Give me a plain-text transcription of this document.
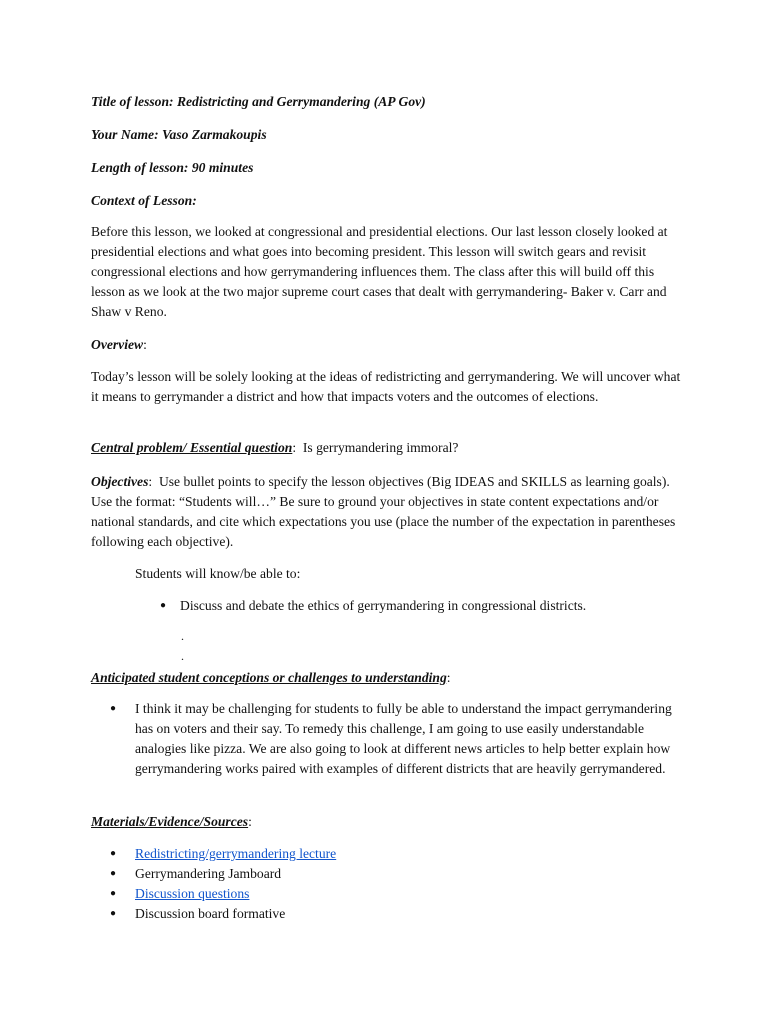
Title of lesson: Redistricting and Gerrymandering (AP Gov)

Your Name: Vaso Zarmakoupis

Length of lesson: 90 minutes

Context of Lesson:

Before this lesson, we looked at congressional and presidential elections. Our last lesson closely looked at presidential elections and what goes into becoming president. This lesson will switch gears and revisit congressional elections and how gerrymandering influences them. The class after this will build off this lesson as we look at the two major supreme court cases that dealt with gerrymandering- Baker v. Carr and Shaw v Reno.

Overview:

Today’s lesson will be solely looking at the ideas of redistricting and gerrymandering. We will uncover what it means to gerrymander a district and how that impacts voters and the outcomes of elections.

Central problem/ Essential question: Is gerrymandering immoral?

Objectives: Use bullet points to specify the lesson objectives (Big IDEAS and SKILLS as learning goals). Use the format: “Students will…” Be sure to ground your objectives in state content expectations and/or national standards, and cite which expectations you use (place the number of the expectation in parentheses following each objective).

Students will know/be able to:

● Discuss and debate the ethics of gerrymandering in congressional districts.
.
.

Anticipated student conceptions or challenges to understanding:

● I think it may be challenging for students to fully be able to understand the impact gerrymandering has on voters and their say. To remedy this challenge, I am going to use easily understandable analogies like pizza. We are also going to look at different news articles to help better explain how gerrymandering works paired with examples of different districts that are heavily gerrymandered.

Materials/Evidence/Sources:

● Redistricting/gerrymandering lecture
● Gerrymandering Jamboard
● Discussion questions
● Discussion board formative
